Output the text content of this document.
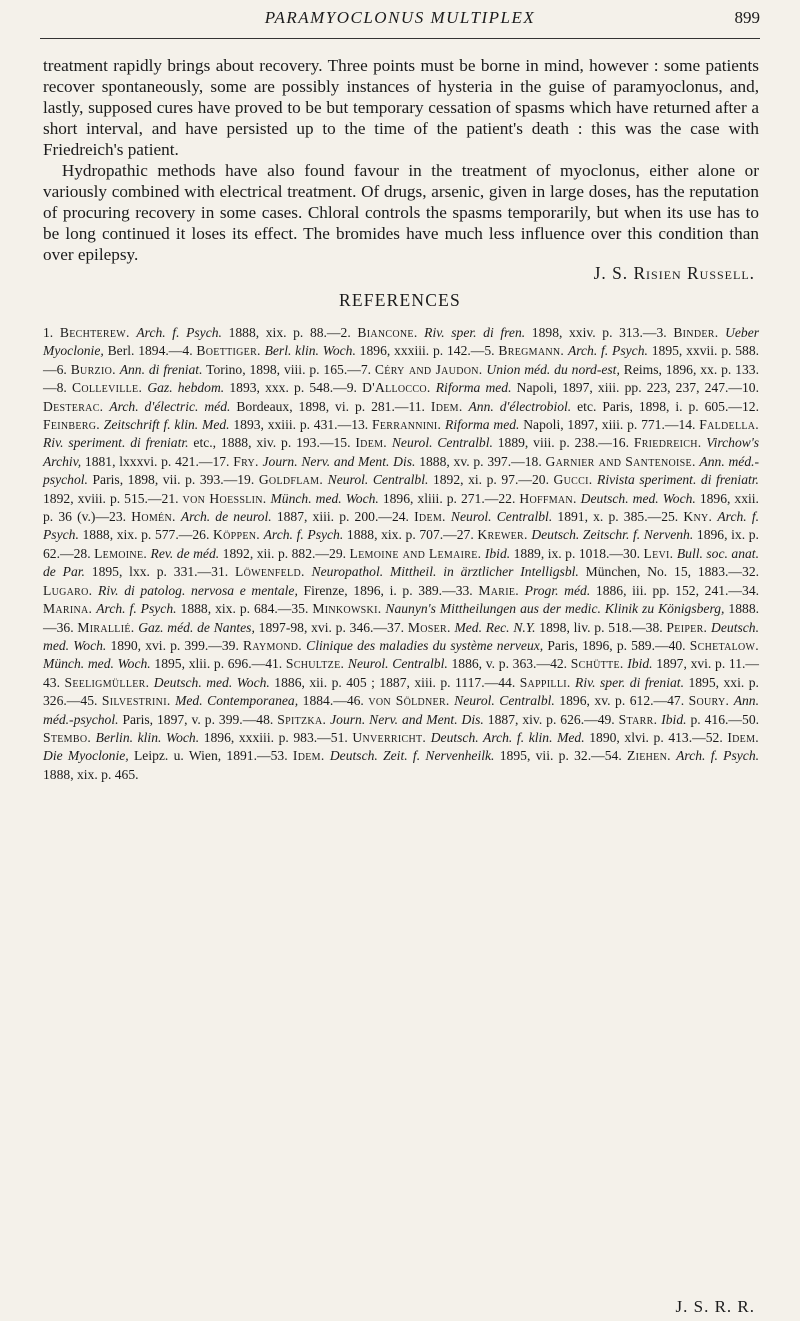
PARAMYOCLONUS MULTIPLEX	899

treatment rapidly brings about recovery. Three points must be borne in mind, however : some patients recover spontaneously, some are possibly instances of hysteria in the guise of paramyoclonus, and, lastly, supposed cures have proved to be but temporary cessation of spasms which have returned after a short interval, and have persisted up to the time of the patient's death : this was the case with Friedreich's patient.

Hydropathic methods have also found favour in the treatment of myoclonus, either alone or variously combined with electrical treatment. Of drugs, arsenic, given in large doses, has the reputation of procuring recovery in some cases. Chloral controls the spasms temporarily, but when its use has to be long continued it loses its effect. The bromides have much less influence over this condition than over epilepsy.

J. S. Risien Russell.
REFERENCES
1. Bechterew. Arch. f. Psych. 1888, xix. p. 88.—2. Biancone. Riv. sper. di fren. 1898, xxiv. p. 313.—3. Binder. Ueber Myoclonie, Berl. 1894.—4. Boettiger. Berl. klin. Woch. 1896, xxxiii. p. 142.—5. Bregmann. Arch. f. Psych. 1895, xxvii. p. 588.—6. Burzio. Ann. di freniat. Torino, 1898, viii. p. 165.—7. Céry and Jaudon. Union méd. du nord-est, Reims, 1896, xx. p. 133.—8. Colleville. Gaz. hebdom. 1893, xxx. p. 548.—9. D'Allocco. Riforma med. Napoli, 1897, xiii. pp. 223, 237, 247.—10. Desterac. Arch. d'électric. méd. Bordeaux, 1898, vi. p. 281.—11. Idem. Ann. d'électrobiol. etc. Paris, 1898, i. p. 605.—12. Feinberg. Zeitschrift f. klin. Med. 1893, xxiii. p. 431.—13. Ferrannini. Riforma med. Napoli, 1897, xiii. p. 771.—14. Faldella. Riv. speriment. di freniatr. etc., 1888, xiv. p. 193.—15. Idem. Neurol. Centralbl. 1889, viii. p. 238.—16. Friedreich. Virchow's Archiv, 1881, lxxxvi. p. 421.—17. Fry. Journ. Nerv. and Ment. Dis. 1888, xv. p. 397.—18. Garnier and Santenoise. Ann. méd.-psychol. Paris, 1898, vii. p. 393.—19. Goldflam. Neurol. Centralbl. 1892, xi. p. 97.—20. Gucci. Rivista speriment. di freniatr. 1892, xviii. p. 515.—21. von Hoesslin. Münch. med. Woch. 1896, xliii. p. 271.—22. Hoffman. Deutsch. med. Woch. 1896, xxii. p. 36 (v.)—23. Homén. Arch. de neurol. 1887, xiii. p. 200.—24. Idem. Neurol. Centralbl. 1891, x. p. 385.—25. Kny. Arch. f. Psych. 1888, xix. p. 577.—26. Köppen. Arch. f. Psych. 1888, xix. p. 707.—27. Krewer. Deutsch. Zeitschr. f. Nervenh. 1896, ix. p. 62.—28. Lemoine. Rev. de méd. 1892, xii. p. 882.—29. Lemoine and Lemaire. Ibid. 1889, ix. p. 1018.—30. Levi. Bull. soc. anat. de Par. 1895, lxx. p. 331.—31. Löwenfeld. Neuropathol. Mittheil. in ärztlicher Intelligsbl. München, No. 15, 1883.—32. Lugaro. Riv. di patolog. nervosa e mentale, Firenze, 1896, i. p. 389.—33. Marie. Progr. méd. 1886, iii. pp. 152, 241.—34. Marina. Arch. f. Psych. 1888, xix. p. 684.—35. Minkowski. Naunyn's Mittheilungen aus der medic. Klinik zu Königsberg, 1888.—36. Mirallié. Gaz. méd. de Nantes, 1897-98, xvi. p. 346.—37. Moser. Med. Rec. N.Y. 1898, liv. p. 518.—38. Peiper. Deutsch. med. Woch. 1890, xvi. p. 399.—39. Raymond. Clinique des maladies du système nerveux, Paris, 1896, p. 589.—40. Schetalow. Münch. med. Woch. 1895, xlii. p. 696.—41. Schultze. Neurol. Centralbl. 1886, v. p. 363.—42. Schütte. Ibid. 1897, xvi. p. 11.—43. Seeligmüller. Deutsch. med. Woch. 1886, xii. p. 405 ; 1887, xiii. p. 1117.—44. Sappilli. Riv. sper. di freniat. 1895, xxi. p. 326.—45. Silvestrini. Med. Contemporanea, 1884.—46. von Söldner. Neurol. Centralbl. 1896, xv. p. 612.—47. Soury. Ann. méd.-psychol. Paris, 1897, v. p. 399.—48. Spitzka. Journ. Nerv. and Ment. Dis. 1887, xiv. p. 626.—49. Starr. Ibid. p. 416.—50. Stembo. Berlin. klin. Woch. 1896, xxxiii. p. 983.—51. Unverricht. Deutsch. Arch. f. klin. Med. 1890, xlvi. p. 413.—52. Idem. Die Myoclonie, Leipz. u. Wien, 1891.—53. Idem. Deutsch. Zeit. f. Nervenheilk. 1895, vii. p. 32.—54. Ziehen. Arch. f. Psych. 1888, xix. p. 465.
J. S. R. R.
